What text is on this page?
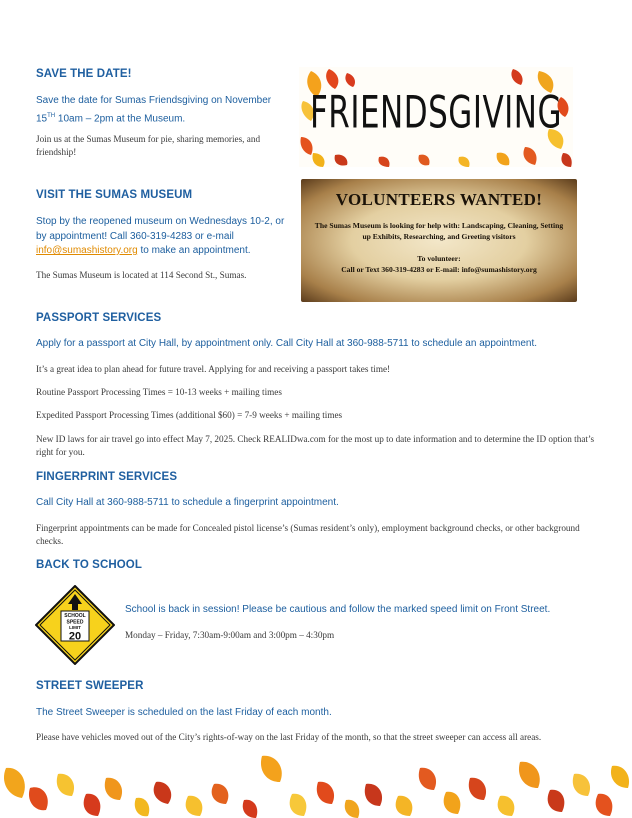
SAVE THE DATE!
Save the date for Sumas Friendsgiving on November
15TH 10am – 2pm at the Museum.
Join us at the Sumas Museum for pie, sharing memories, and friendship!
FRIENDSGIVING
VISIT THE SUMAS MUSEUM
Stop by the reopened museum on Wednesdays 10-2, or
by appointment! Call 360-319-4283 or e-mail
info@sumashistory.org to make an appointment.
The Sumas Museum is located at 114 Second St., Sumas.
VOLUNTEERS WANTED!
The Sumas Museum is looking for help with: Landscaping, Cleaning, Setting up Exhibits, Researching, and Greeting visitors
To volunteer:
Call or Text 360-319-4283 or E-mail: info@sumashistory.org
PASSPORT SERVICES
Apply for a passport at City Hall, by appointment only. Call City Hall at 360-988-5711 to schedule an appointment.
It’s a great idea to plan ahead for future travel. Applying for and receiving a passport takes time!
Routine Passport Processing Times = 10-13 weeks + mailing times
Expedited Passport Processing Times (additional $60) = 7-9 weeks + mailing times
New ID laws for air travel go into effect May 7, 2025. Check REALIDwa.com for the most up to date information and to determine the ID option that’s right for you.
FINGERPRINT SERVICES
Call City Hall at 360-988-5711 to schedule a fingerprint appointment.
Fingerprint appointments can be made for Concealed pistol license’s (Sumas resident’s only), employment background checks, or other background checks.
BACK TO SCHOOL
SCHOOL
SPEED
LIMIT
20
School is back in session! Please be cautious and follow the marked speed limit on Front Street.
Monday – Friday, 7:30am-9:00am and 3:00pm – 4:30pm
STREET SWEEPER
The Street Sweeper is scheduled on the last Friday of each month.
Please have vehicles moved out of the City’s rights-of-way on the last Friday of the month, so that the street sweeper can access all areas.
